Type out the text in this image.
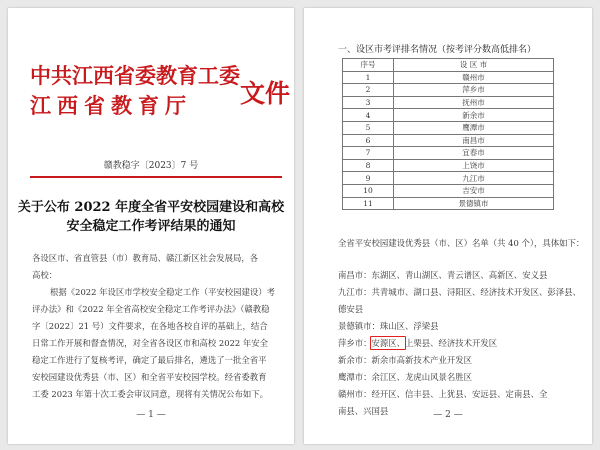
中共江西省委教育工委
江西省教育厅 文件
赣教稳字〔2023〕7 号
关于公布 2022 年度全省平安校园建设和高校
安全稳定工作考评结果的通知
各设区市、省直管县（市）教育局、赣江新区社会发展局，各
高校：
根据《2022 年设区市学校安全稳定工作（平安校园建设）考
评办法》和《2022 年全省高校安全稳定工作考评办法》（赣教稳
字〔2022〕21 号）文件要求，在各地各校自评的基础上，结合
日常工作开展和督查情况，对全省各设区市和高校 2022 年安全
稳定工作进行了复核考评，确定了最后排名，遴选了一批全省平
安校园建设优秀县（市、区）和全省平安校园学校。经省委教育
工委 2023 年第十次工委会审议同意，现将有关情况公布如下。
— 1 —
一、设区市考评排名情况（按考评分数高低排名）
序号	设 区 市
1	赣州市
2	萍乡市
3	抚州市
4	新余市
5	鹰潭市
6	南昌市
7	宜春市
8	上饶市
9	九江市
10	吉安市
11	景德镇市
全省平安校园建设优秀县（市、区）名单（共 40 个），具体如下：
南昌市：东湖区、青山湖区、青云谱区、高新区、安义县
九江市：共青城市、湖口县、浔阳区、经济技术开发区、彭泽县、
德安县
景德镇市：珠山区、浮梁县
萍乡市：安源区、上栗县、经济技术开发区
新余市：新余市高新技术产业开发区
鹰潭市：余江区、龙虎山风景名胜区
赣州市：经开区、信丰县、上犹县、安远县、定南县、全
南县、兴国县	— 2 —
